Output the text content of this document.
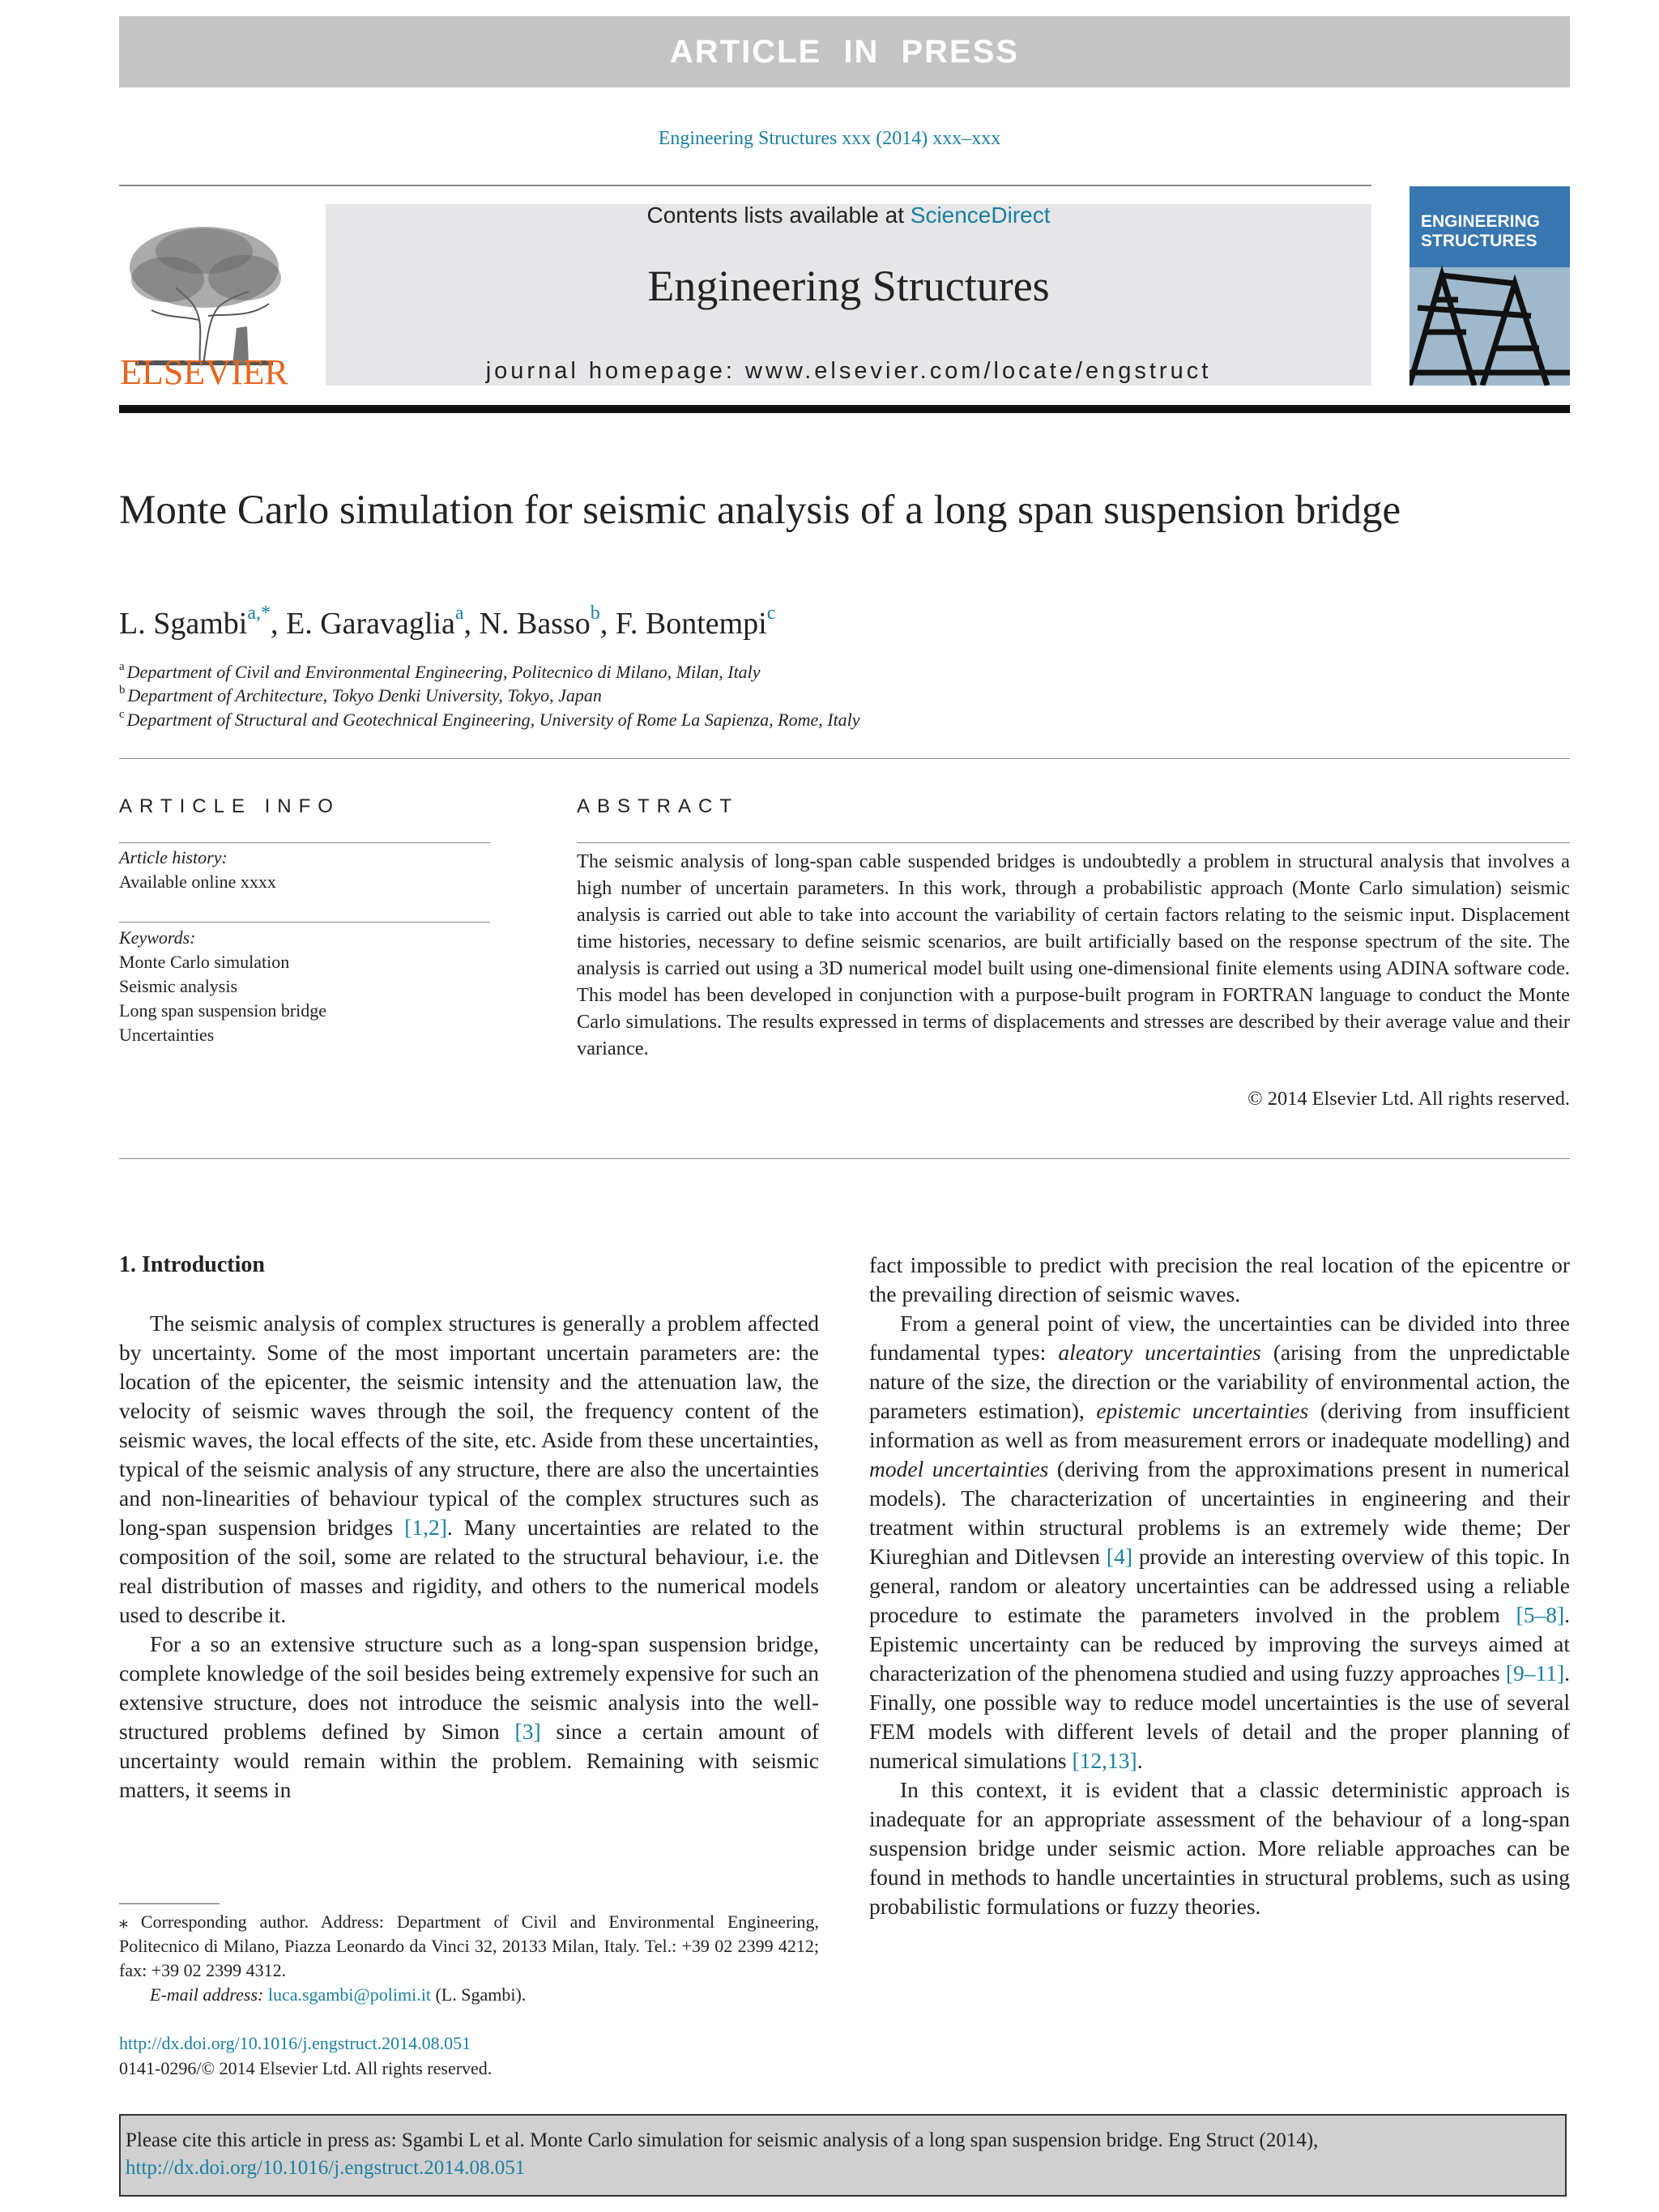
ARTICLE IN PRESS
Engineering Structures xxx (2014) xxx–xxx
Contents lists available at ScienceDirect
Engineering Structures
journal homepage: www.elsevier.com/locate/engstruct
ELSEVIER
ENGINEERING
STRUCTURES
Monte Carlo simulation for seismic analysis of a long span suspension bridge
L. Sgambi$^{a,*}$, E. Garavaglia$^a$, N. Basso$^b$, F. Bontempi$^c$
$^a$ Department of Civil and Environmental Engineering, Politecnico di Milano, Milan, Italy
$^b$ Department of Architecture, Tokyo Denki University, Tokyo, Japan
$^c$ Department of Structural and Geotechnical Engineering, University of Rome La Sapienza, Rome, Italy
ARTICLE INFO
Article history:
Available online xxxx
Keywords:
Monte Carlo simulation
Seismic analysis
Long span suspension bridge
Uncertainties
ABSTRACT
The seismic analysis of long-span cable suspended bridges is undoubtedly a problem in structural analysis that involves a high number of uncertain parameters. In this work, through a probabilistic approach (Monte Carlo simulation) seismic analysis is carried out able to take into account the variability of certain factors relating to the seismic input. Displacement time histories, necessary to define seismic scenarios, are built artificially based on the response spectrum of the site. The analysis is carried out using a 3D numerical model built using one-dimensional finite elements using ADINA software code. This model has been developed in conjunction with a purpose-built program in FORTRAN language to conduct the Monte Carlo simulations. The results expressed in terms of displacements and stresses are described by their average value and their variance.
© 2014 Elsevier Ltd. All rights reserved.
1. Introduction

The seismic analysis of complex structures is generally a problem affected by uncertainty. Some of the most important uncertain parameters are: the location of the epicenter, the seismic intensity and the attenuation law, the velocity of seismic waves through the soil, the frequency content of the seismic waves, the local effects of the site, etc. Aside from these uncertainties, typical of the seismic analysis of any structure, there are also the uncertainties and non-linearities of behaviour typical of the complex structures such as long-span suspension bridges [1,2]. Many uncertainties are related to the composition of the soil, some are related to the structural behaviour, i.e. the real distribution of masses and rigidity, and others to the numerical models used to describe it.

For a so an extensive structure such as a long-span suspension bridge, complete knowledge of the soil besides being extremely expensive for such an extensive structure, does not introduce the seismic analysis into the well-structured problems defined by Simon [3] since a certain amount of uncertainty would remain within the problem. Remaining with seismic matters, it seems in

fact impossible to predict with precision the real location of the epicentre or the prevailing direction of seismic waves.

From a general point of view, the uncertainties can be divided into three fundamental types: aleatory uncertainties (arising from the unpredictable nature of the size, the direction or the variability of environmental action, the parameters estimation), epistemic uncertainties (deriving from insufficient information as well as from measurement errors or inadequate modelling) and model uncertainties (deriving from the approximations present in numerical models). The characterization of uncertainties in engineering and their treatment within structural problems is an extremely wide theme; Der Kiureghian and Ditlevsen [4] provide an interesting overview of this topic. In general, random or aleatory uncertainties can be addressed using a reliable procedure to estimate the parameters involved in the problem [5–8]. Epistemic uncertainty can be reduced by improving the surveys aimed at characterization of the phenomena studied and using fuzzy approaches [9–11]. Finally, one possible way to reduce model uncertainties is the use of several FEM models with different levels of detail and the proper planning of numerical simulations [12,13].

In this context, it is evident that a classic deterministic approach is inadequate for an appropriate assessment of the behaviour of a long-span suspension bridge under seismic action. More reliable approaches can be found in methods to handle uncertainties in structural problems, such as using probabilistic formulations or fuzzy theories.

⁎ Corresponding author. Address: Department of Civil and Environmental Engineering, Politecnico di Milano, Piazza Leonardo da Vinci 32, 20133 Milan, Italy. Tel.: +39 02 2399 4212; fax: +39 02 2399 4312.
E-mail address: luca.sgambi@polimi.it (L. Sgambi).
http://dx.doi.org/10.1016/j.engstruct.2014.08.051
0141-0296/© 2014 Elsevier Ltd. All rights reserved.
Please cite this article in press as: Sgambi L et al. Monte Carlo simulation for seismic analysis of a long span suspension bridge. Eng Struct (2014), http://dx.doi.org/10.1016/j.engstruct.2014.08.051
